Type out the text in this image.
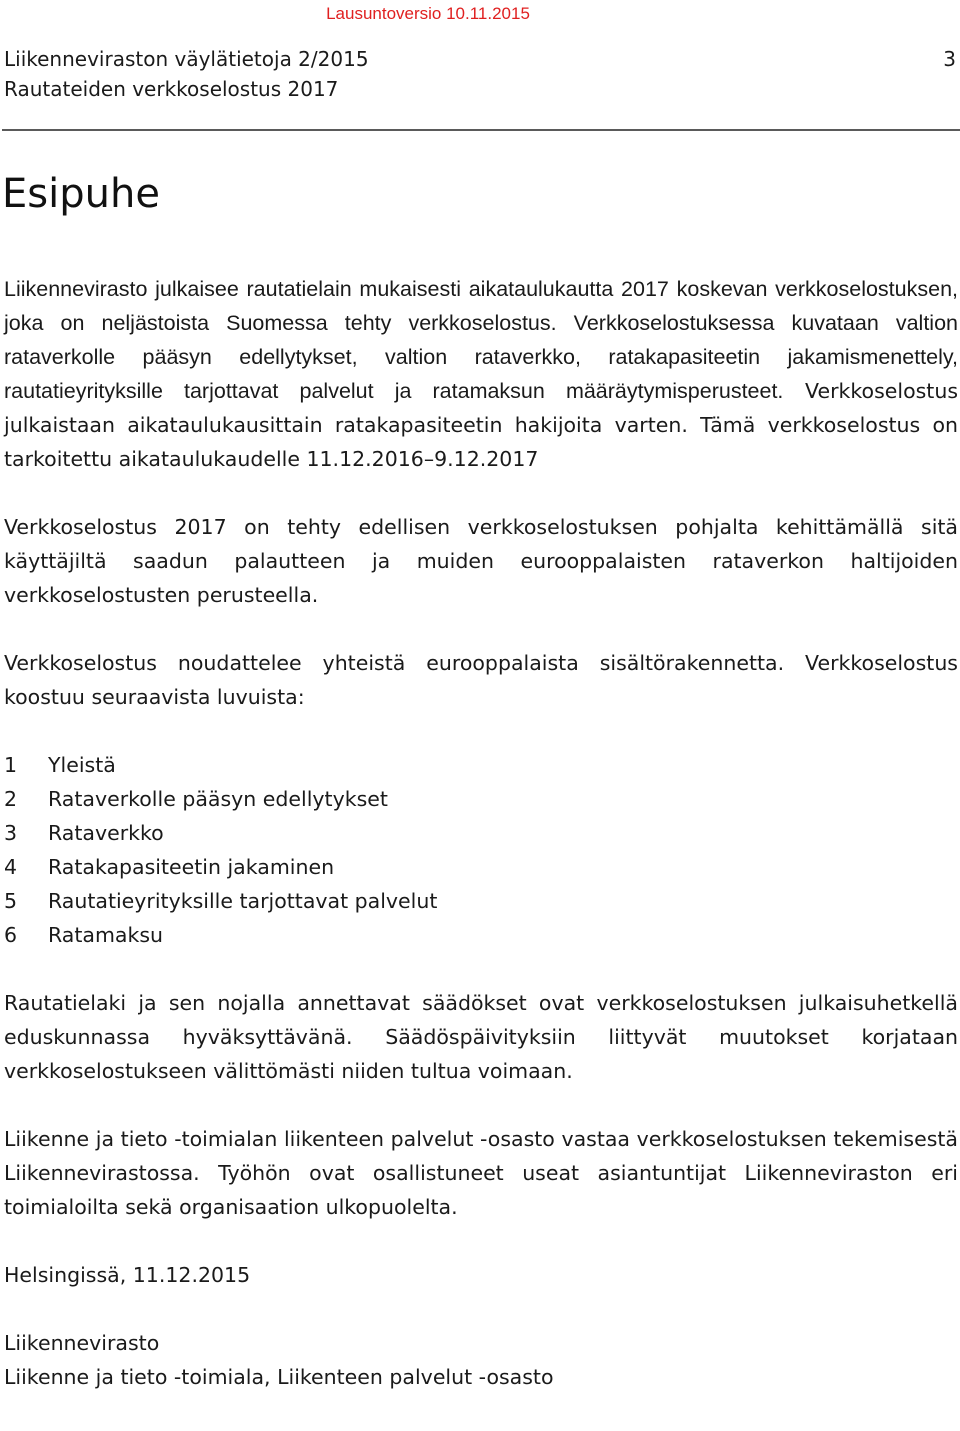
Lausuntoversio 10.11.2015
Liikenneviraston väylätietoja 2/2015
Rautateiden verkkoselostus 2017
3
Esipuhe

Liikennevirasto julkaisee rautatielain mukaisesti aikataulukautta 2017 koskevan verkkoselostuksen, joka on neljästoista Suomessa tehty verkkoselostus. Verkkoselostuksessa kuvataan valtion rataverkolle pääsyn edellytykset, valtion rataverkko, ratakapasiteetin jakamismenettely, rautatieyrityksille tarjottavat palvelut ja ratamaksun määräytymisperusteet. Verkkoselostus julkaistaan aikataulukausittain ratakapasiteetin hakijoita varten. Tämä verkkoselostus on tarkoitettu aikataulukaudelle 11.12.2016–9.12.2017

Verkkoselostus 2017 on tehty edellisen verkkoselostuksen pohjalta kehittämällä sitä käyttäjiltä saadun palautteen ja muiden eurooppalaisten rataverkon haltijoiden verkkoselostusten perusteella.

Verkkoselostus noudattelee yhteistä eurooppalaista sisältörakennetta. Verkkoselostus koostuu seuraavista luvuista:

1	Yleistä
2	Rataverkolle pääsyn edellytykset
3	Rataverkko
4	Ratakapasiteetin jakaminen
5	Rautatieyrityksille tarjottavat palvelut
6	Ratamaksu

Rautatielaki ja sen nojalla annettavat säädökset ovat verkkoselostuksen julkaisuhetkellä eduskunnassa hyväksyttävänä. Säädöspäivityksiin liittyvät muutokset korjataan verkkoselostukseen välittömästi niiden tultua voimaan.

Liikenne ja tieto -toimialan liikenteen palvelut -osasto vastaa verkkoselostuksen tekemisestä Liikennevirastossa. Työhön ovat osallistuneet useat asiantuntijat Liikenneviraston eri toimialoilta sekä organisaation ulkopuolelta.

Helsingissä, 11.12.2015

Liikennevirasto

Liikenne ja tieto -toimiala, Liikenteen palvelut -osasto
